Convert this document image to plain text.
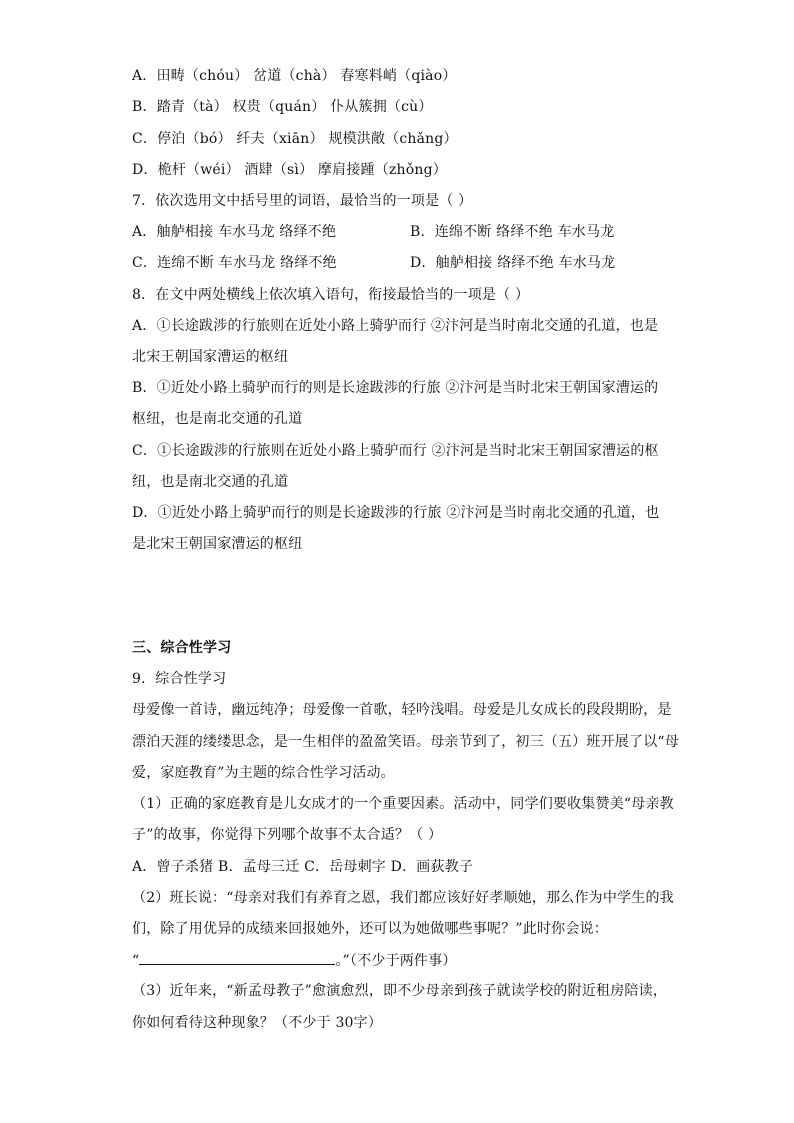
A．田畴（chóu） 岔道（chà） 春寒料峭（qiào）
B．踏青（tà） 权贵（quán） 仆从簇拥（cù）
C．停泊（bó） 纤夫（xiān） 规模洪敞（chǎng）
D．桅杆（wéi） 酒肆（sì） 摩肩接踵（zhǒng）
7．依次选用文中括号里的词语，最恰当的一项是（ ）
A．舳舻相接 车水马龙 络绎不绝	B．连绵不断 络绎不绝 车水马龙
C．连绵不断 车水马龙 络绎不绝	D．舳舻相接 络绎不绝 车水马龙
8．在文中两处横线上依次填入语句，衔接最恰当的一项是（ ）
A．①长途跋涉的行旅则在近处小路上骑驴而行 ②汴河是当时南北交通的孔道，也是
北宋王朝国家漕运的枢纽
B．①近处小路上骑驴而行的则是长途跋涉的行旅 ②汴河是当时北宋王朝国家漕运的
枢纽，也是南北交通的孔道
C．①长途跋涉的行旅则在近处小路上骑驴而行 ②汴河是当时北宋王朝国家漕运的枢
纽，也是南北交通的孔道
D．①近处小路上骑驴而行的则是长途跋涉的行旅 ②汴河是当时南北交通的孔道，也
是北宋王朝国家漕运的枢纽
三、综合性学习
9．综合性学习
母爱像一首诗，幽远纯净；母爱像一首歌，轻吟浅唱。母爱是儿女成长的段段期盼，是
漂泊天涯的缕缕思念，是一生相伴的盈盈笑语。母亲节到了，初三（五）班开展了以“母
爱，家庭教育”为主题的综合性学习活动。
（1）正确的家庭教育是儿女成才的一个重要因素。活动中，同学们要收集赞美“母亲教
子”的故事，你觉得下列哪个故事不太合适？（ ）
A．曾子杀猪 B．孟母三迁 C．岳母刺字 D．画荻教子
（2）班长说：“母亲对我们有养育之恩，我们都应该好好孝顺她，那么作为中学生的我
们，除了用优异的成绩来回报她外，还可以为她做哪些事呢？”此时你会说：
“	。”（不少于两件事）
（3）近年来，“新孟母教子”愈演愈烈，即不少母亲到孩子就读学校的附近租房陪读，
你如何看待这种现象？（不少于 30字）
